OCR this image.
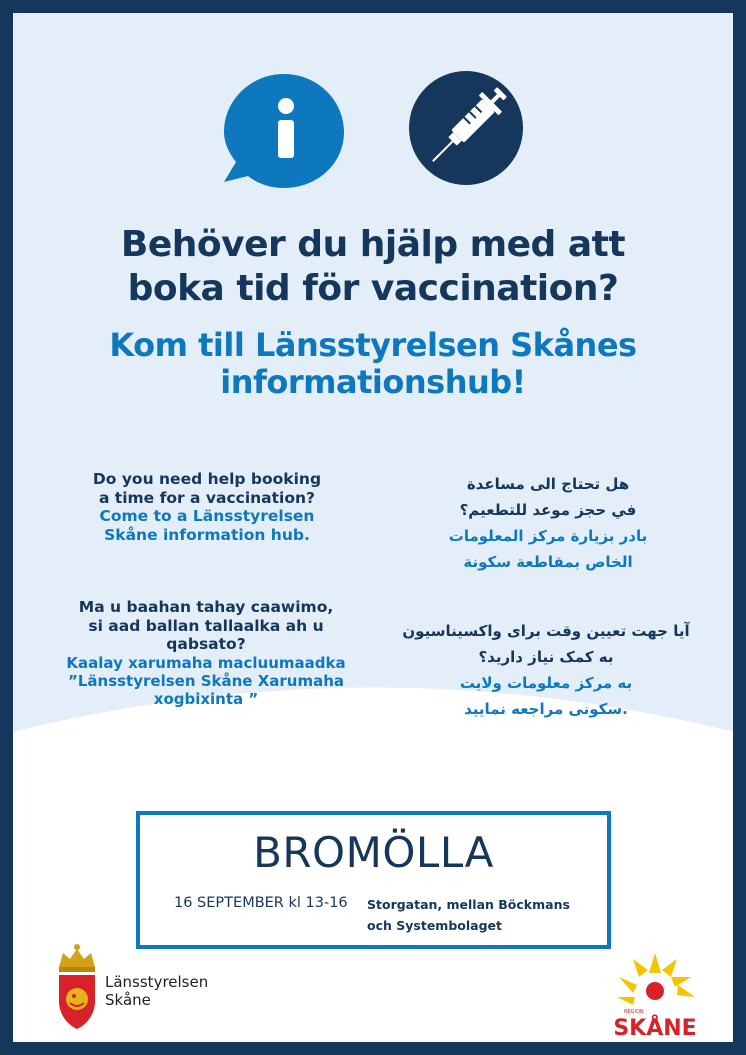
Behöver du hjälp med att
boka tid för vaccination?
Kom till Länsstyrelsen Skånes
informationshub!
Do you need help booking
a time for a vaccination?
Come to a Länsstyrelsen
Skåne information hub.
Ma u baahan tahay caawimo,
si aad ballan tallaalka ah u
qabsato?
Kaalay xarumaha macluumaadka
”Länsstyrelsen Skåne Xarumaha
xogbixinta ”
هل تحتاج الى مساعدة
في حجز موعد للتطعيم؟
بادر بزيارة مركز المعلومات
الخاص بمقاطعة سكونة
آیا جهت تعیین وقت برای واکسیناسیون
به کمک نیاز دارید؟
به مرکز معلومات ولایت
.سکونی مراجعه نمایید
BROMÖLLA
16 SEPTEMBER kl 13-16 Storgatan, mellan Böckmans
och Systembolaget
Länsstyrelsen
Skåne
REGION
SKÅNE
